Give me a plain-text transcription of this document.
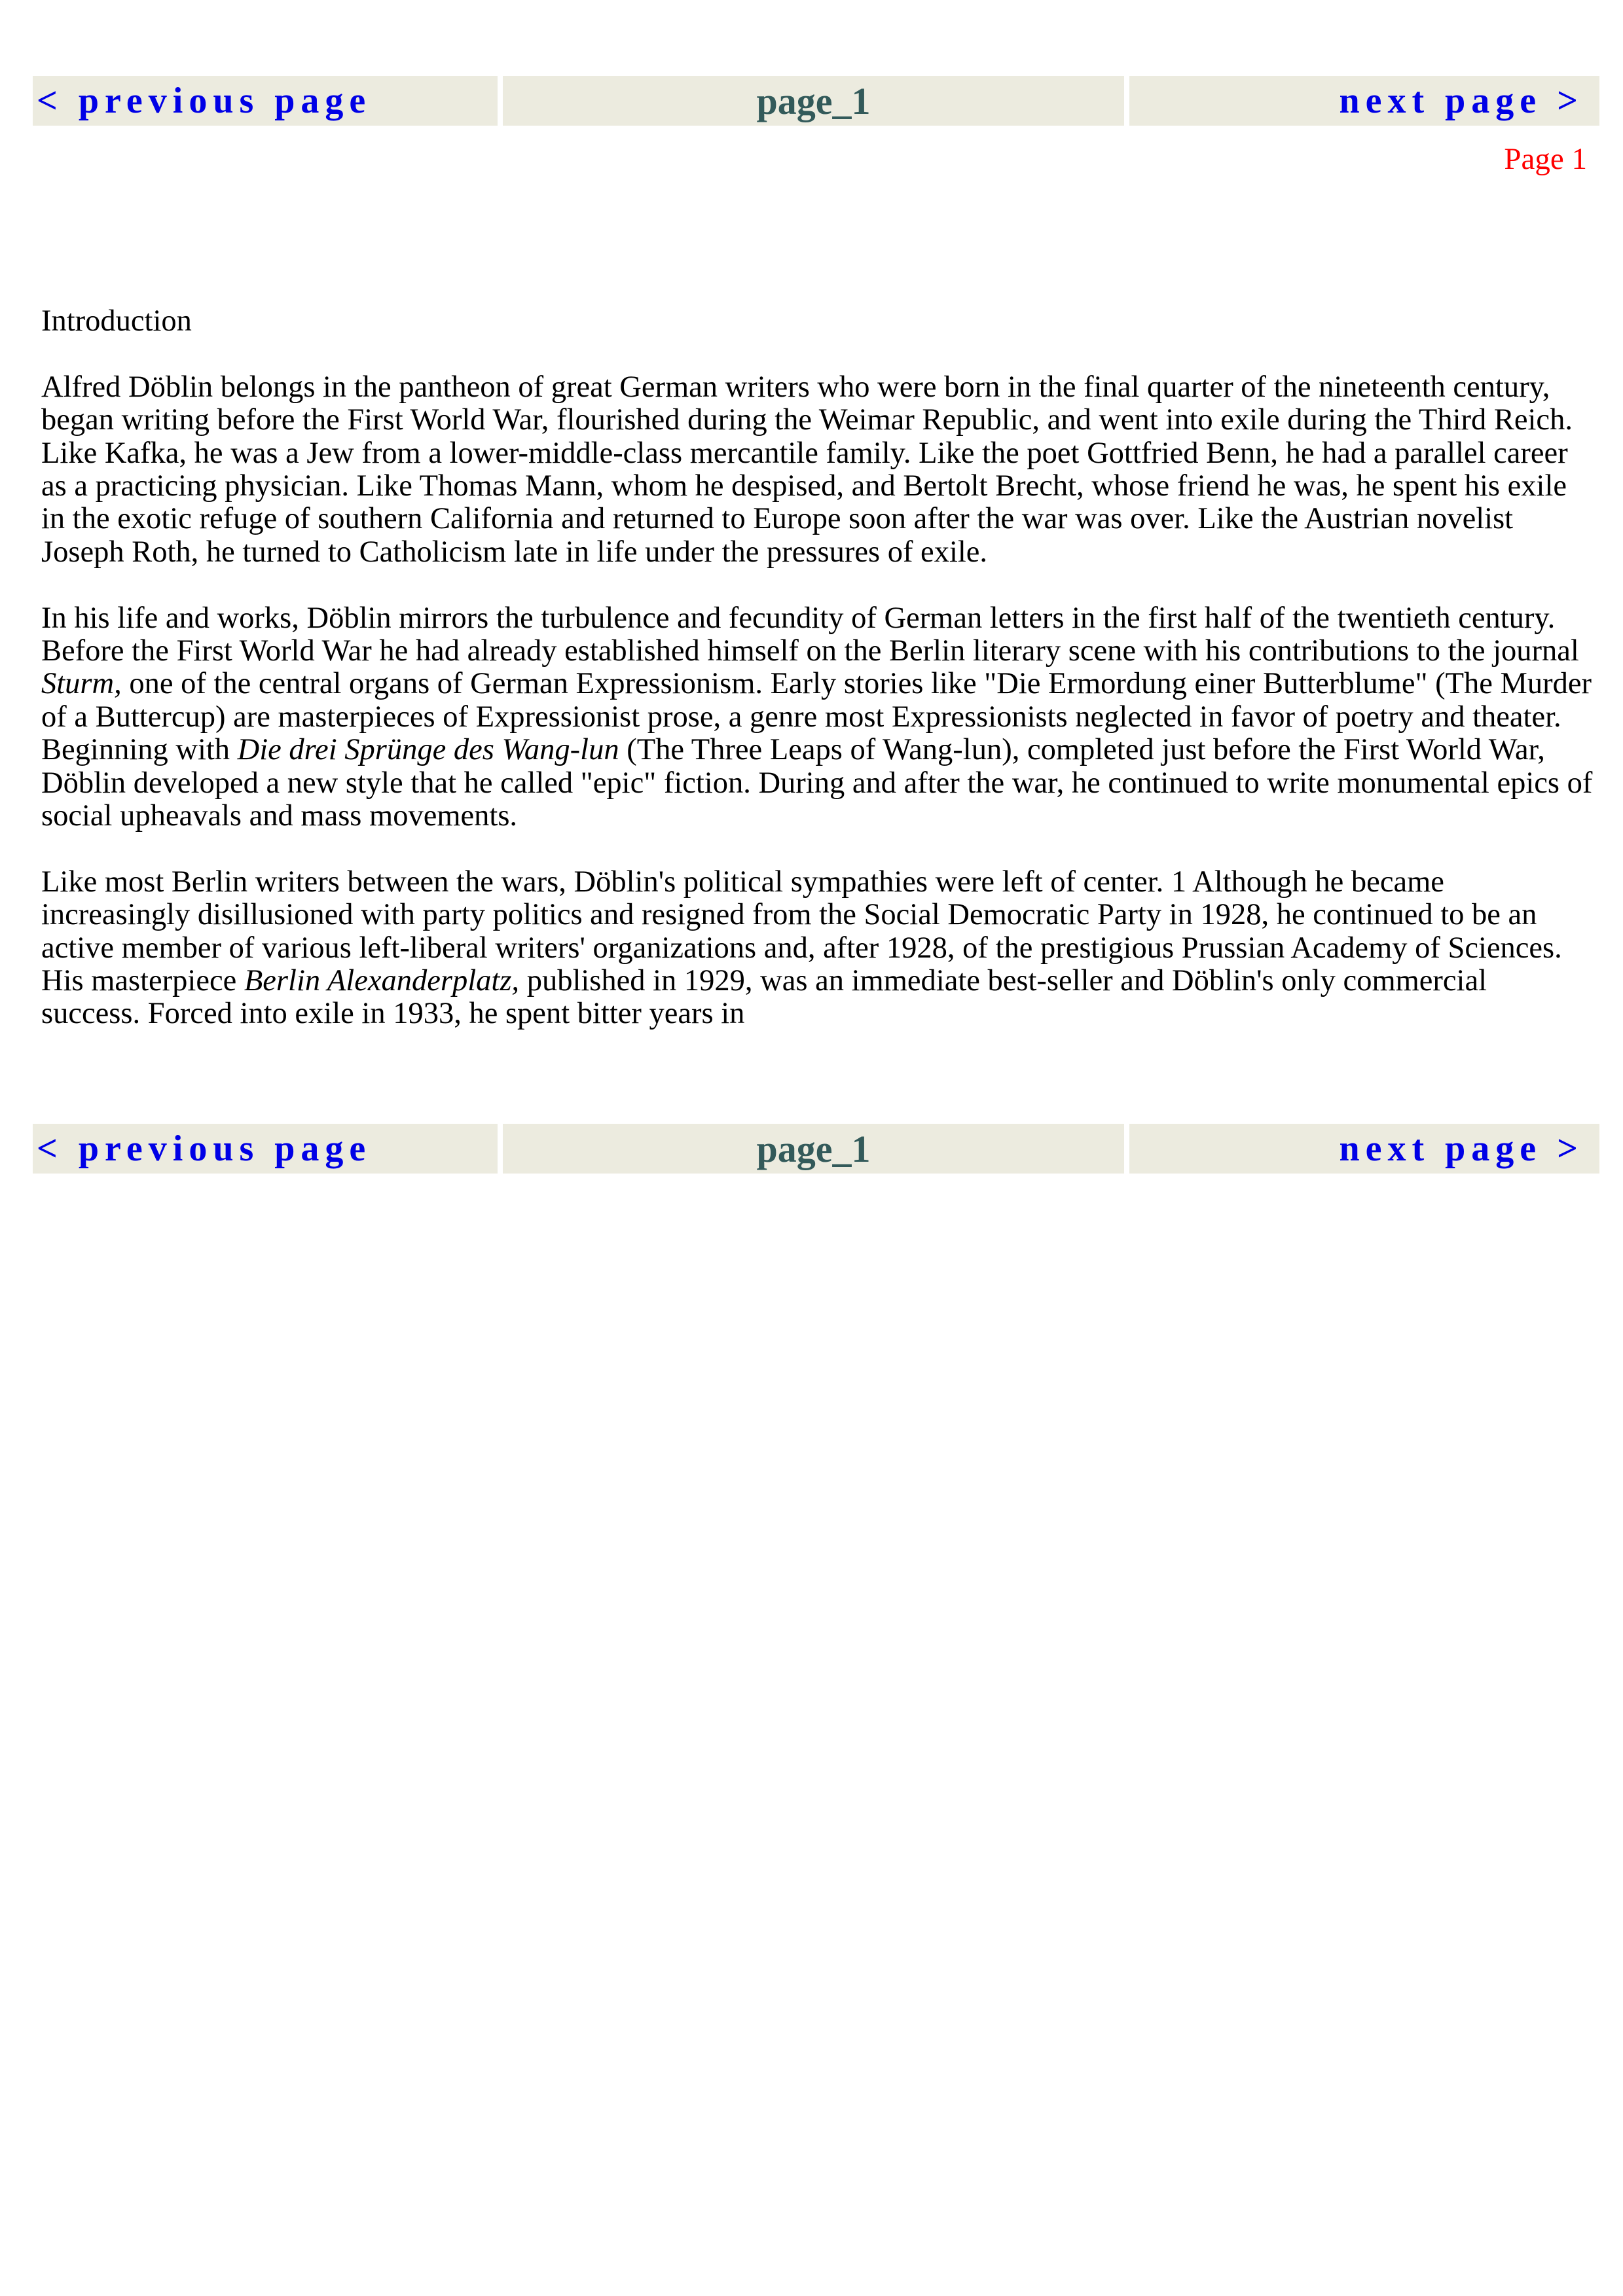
< previous page	page_1	next page >
Page 1

Introduction

Alfred Döblin belongs in the pantheon of great German writers who were born in the final quarter of the nineteenth century, began writing before the First World War, flourished during the Weimar Republic, and went into exile during the Third Reich. Like Kafka, he was a Jew from a lower-middle-class mercantile family. Like the poet Gottfried Benn, he had a parallel career as a practicing physician. Like Thomas Mann, whom he despised, and Bertolt Brecht, whose friend he was, he spent his exile in the exotic refuge of southern California and returned to Europe soon after the war was over. Like the Austrian novelist Joseph Roth, he turned to Catholicism late in life under the pressures of exile.

In his life and works, Döblin mirrors the turbulence and fecundity of German letters in the first half of the twentieth century. Before the First World War he had already established himself on the Berlin literary scene with his contributions to the journal Sturm, one of the central organs of German Expressionism. Early stories like "Die Ermordung einer Butterblume" (The Murder of a Buttercup) are masterpieces of Expressionist prose, a genre most Expressionists neglected in favor of poetry and theater. Beginning with Die drei Sprünge des Wang-lun (The Three Leaps of Wang-lun), completed just before the First World War, Döblin developed a new style that he called "epic" fiction. During and after the war, he continued to write monumental epics of social upheavals and mass movements.

Like most Berlin writers between the wars, Döblin's political sympathies were left of center. 1 Although he became increasingly disillusioned with party politics and resigned from the Social Democratic Party in 1928, he continued to be an active member of various left-liberal writers' organizations and, after 1928, of the prestigious Prussian Academy of Sciences. His masterpiece Berlin Alexanderplatz, published in 1929, was an immediate best-seller and Döblin's only commercial success. Forced into exile in 1933, he spent bitter years in

< previous page	page_1	next page >
